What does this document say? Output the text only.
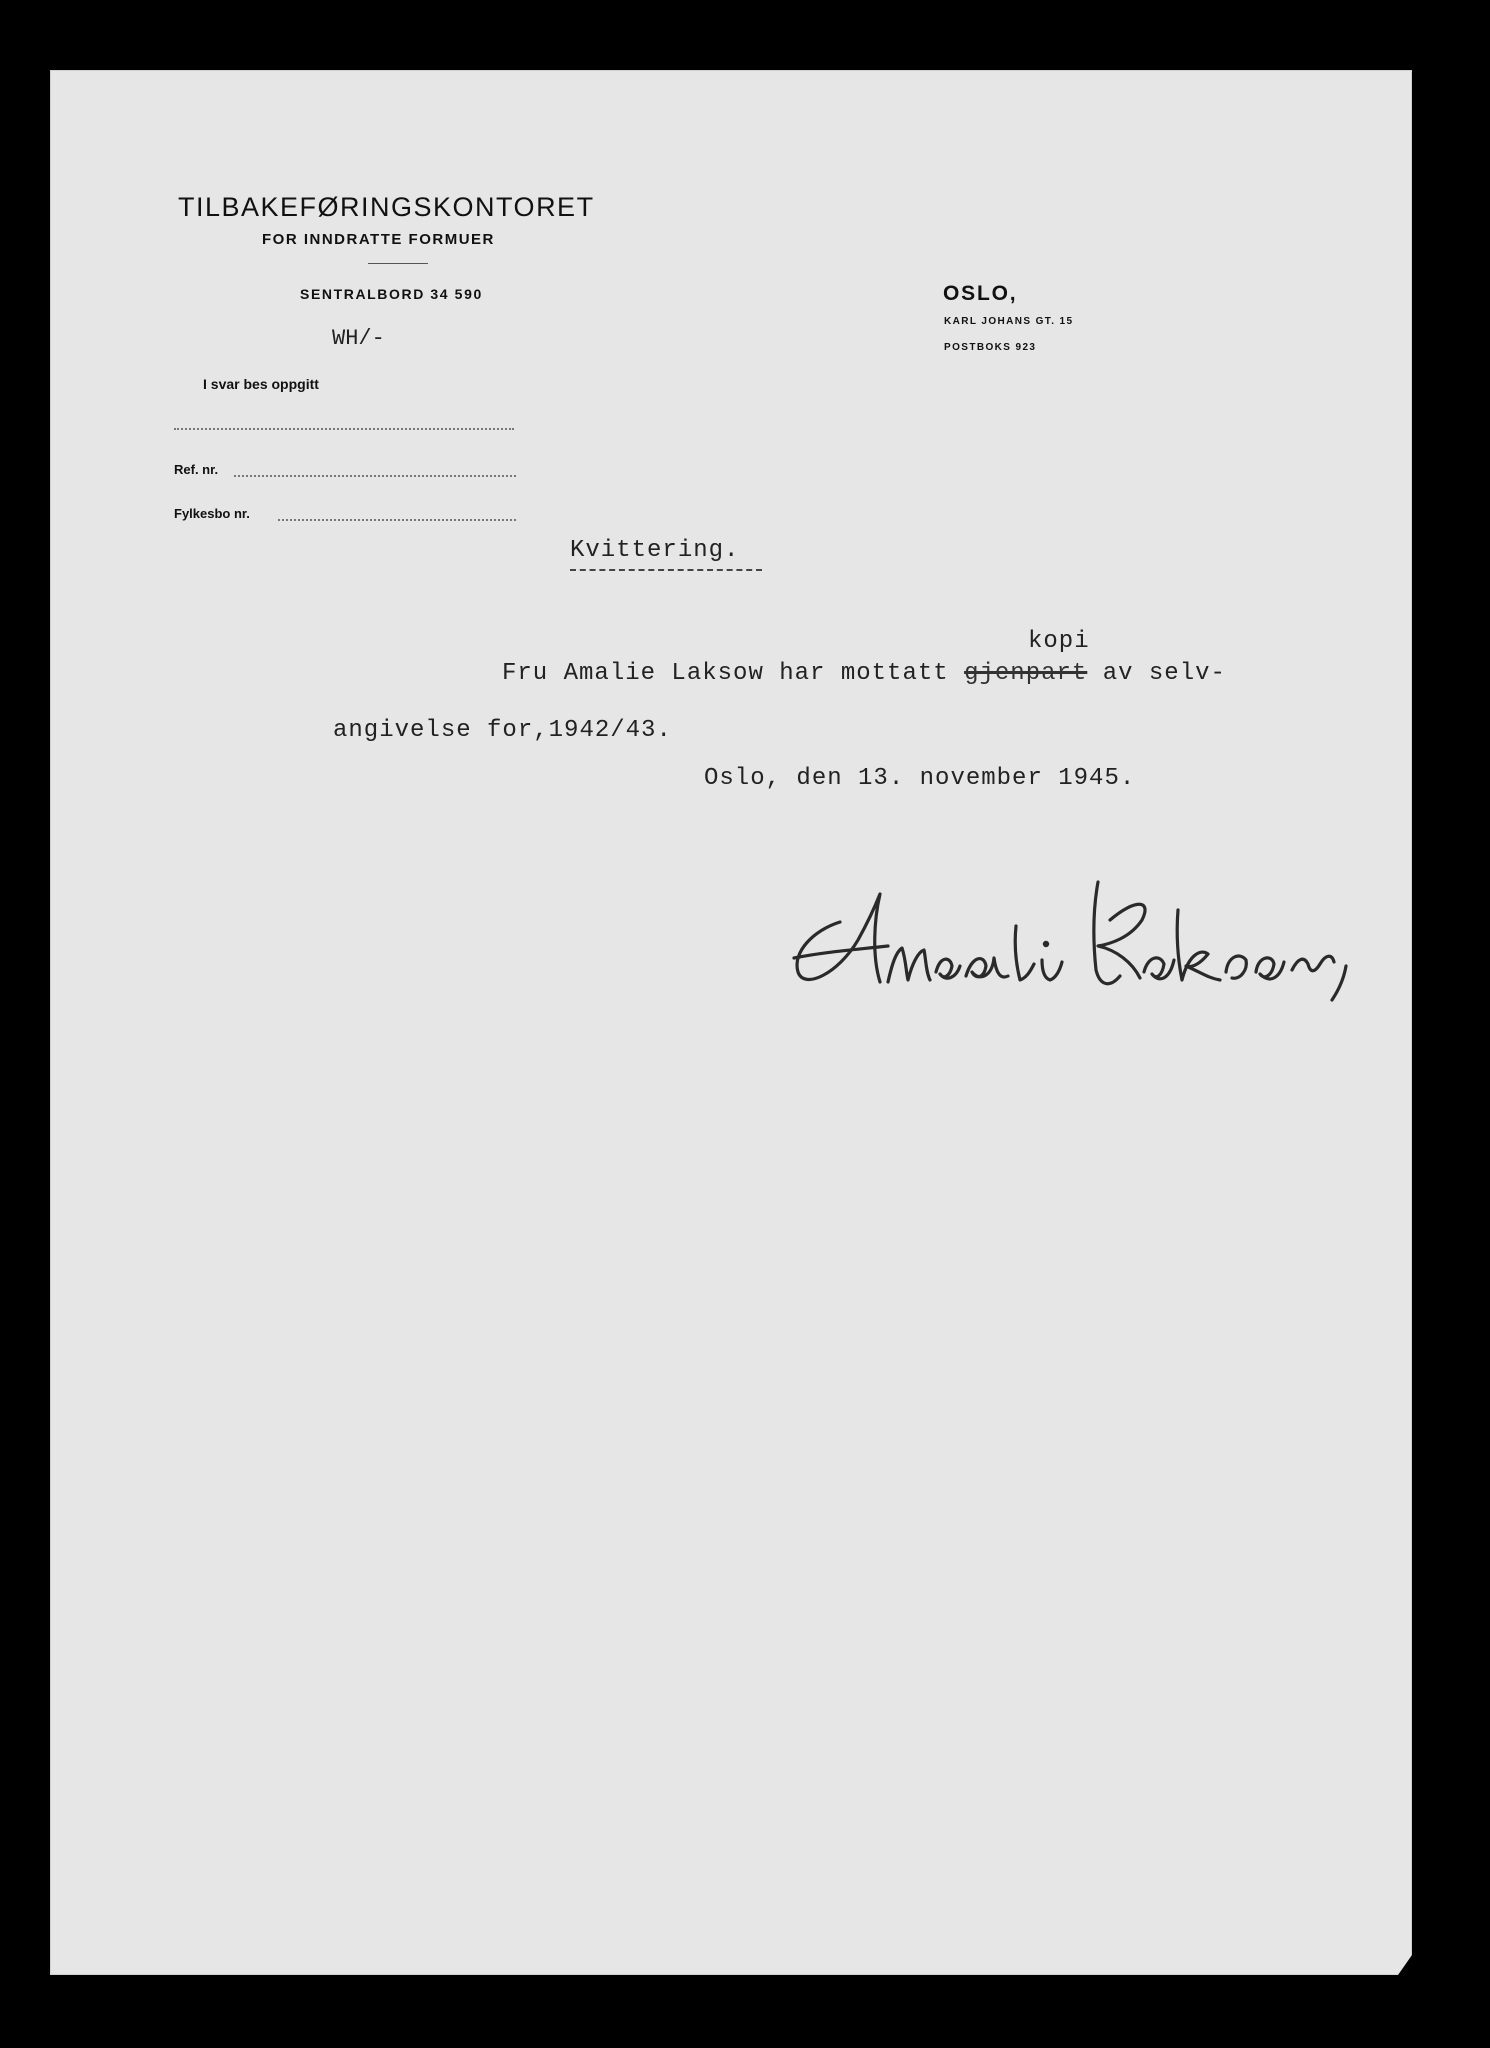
TILBAKEFØRINGSKONTORET
FOR INNDRATTE FORMUER
SENTRALBORD 34 590
WH/-
I svar bes oppgitt
Ref. nr.
Fylkesbo nr.
OSLO,
KARL JOHANS GT. 15
POSTBOKS 923
Kvittering.
kopi
Fru Amalie Laksow har mottatt gjenpart av selv-
angivelse for,1942/43.
Oslo, den 13. november 1945.
